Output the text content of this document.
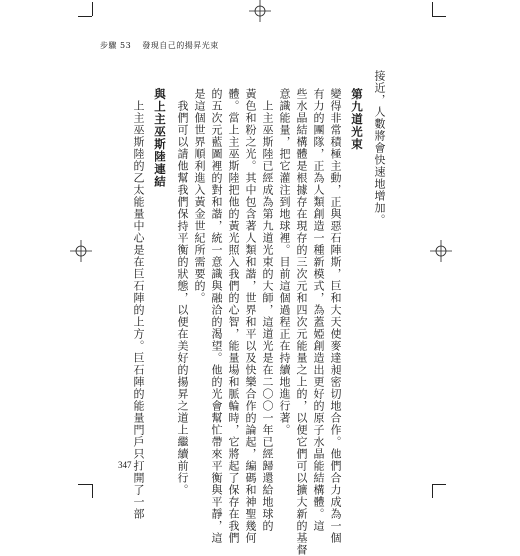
步驟 53 發現自己的揚昇光束
接近，人數將會快速地增加。
第九道光束
變得非常積極主動，正與惡石陣斯，巨和大天使麥達昶密切地合作。他們合力成為一個
有力的團隊，正為人類創造一種新模式，為蓋婭創造出更好的原子水晶能結構體。這
些水晶結構體是根據存在現存的三次元和四次元能量之上的，以便它們可以擴大新的基督
意識能量，把它灌注到地球裡。目前這個過程正在持續地進行著。
　上主巫斯陸已經成為第九道光束的大師，這道光是在二〇〇一年已經歸還給地球的
黃色和粉之光。其中包含著人類和諧，世界和平以及快樂合作的論起，編碼和神聖幾何
體。當上主巫斯陸把他的黃光照入我們的心智，能量場和脈輪時，它將起了保存在我們
的五次元藍圖裡的對和諧，統一意識與融洽的渴望。他的光會幫忙帶來平衡與平靜，這
是這個世界順利進入黃金世紀所需要的。
　我們可以請他幫我們保持平衡的狀態，以便在美好的揚昇之道上繼續前行。
與上主巫斯陸連結
　上主巫斯陸的乙太能量中心是在巨石陣的上方。巨石陣的能量門戶只打開了一部
347
